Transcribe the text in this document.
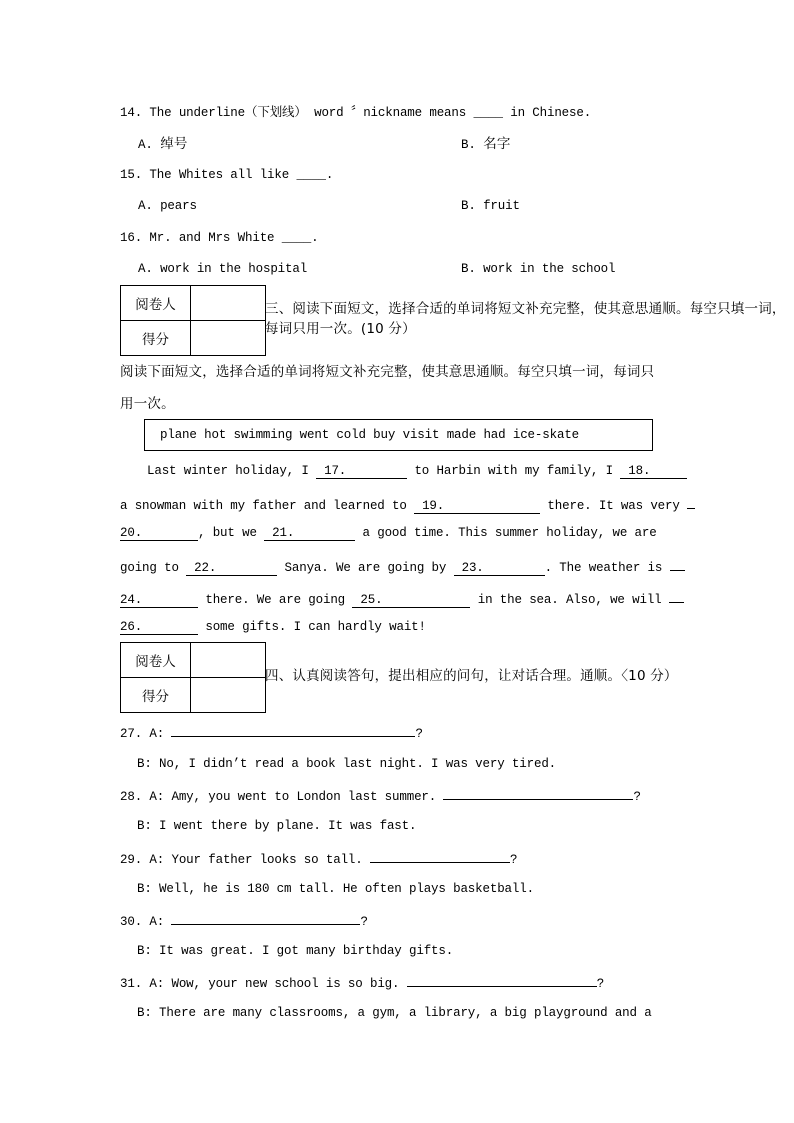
14. The underline（下划线） word 〞nickname means ____ in Chinese.
A. 绰号	B. 名字
15. The Whites all like ____.
A. pears	B. fruit
16. Mr. and Mrs White ____.
A. work in the hospital	B. work in the school
阅卷人	
得分	
三、阅读下面短文，选择合适的单词将短文补充完整，使其意思通顺。每空只填一词，
每词只用一次。(10 分）
阅读下面短文，选择合适的单词将短文补充完整，使其意思通顺。每空只填一词，每词只
用一次。
plane hot swimming went cold buy visit made had ice-skate
Last winter holiday, I 17.	to Harbin with my family, I 18.
a snowman with my father and learned to 19.	there. It was very
20.	, but we 21.	a good time. This summer holiday, we are
going to 22.	Sanya. We are going by 23.	. The weather is
24.	there. We are going 25.	in the sea. Also, we will
26.	some gifts. I can hardly wait!
阅卷人	
得分	
四、认真阅读答句，提出相应的问句，让对话合理。通顺。〈10 分）
27. A:	?
B: No, I didn’t read a book last night. I was very tired.
28. A: Amy, you went to London last summer.	?
B: I went there by plane. It was fast.
29. A: Your father looks so tall.	?
B: Well, he is 180 cm tall. He often plays basketball.
30. A:	?
B: It was great. I got many birthday gifts.
31. A: Wow, your new school is so big.	?
B: There are many classrooms, a gym, a library, a big playground and a
